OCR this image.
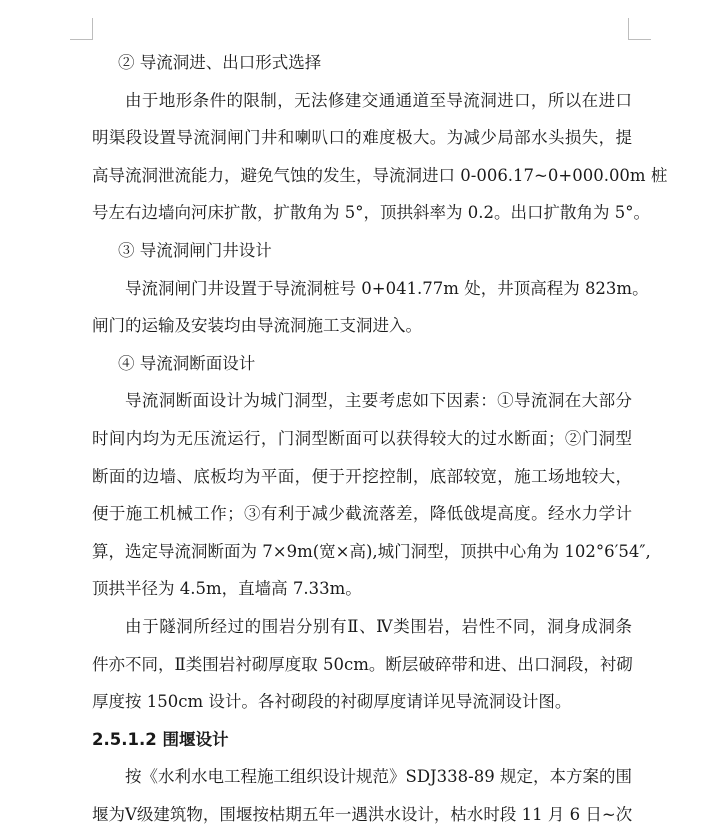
② 导流洞进、出口形式选择
由于地形条件的限制，无法修建交通通道至导流洞进口，所以在进口
明渠段设置导流洞闸门井和喇叭口的难度极大。为减少局部水头损失，提
高导流洞泄流能力，避免气蚀的发生，导流洞进口 0-006.17~0+000.00m 桩
号左右边墙向河床扩散，扩散角为 5°，顶拱斜率为 0.2。出口扩散角为 5°。
③ 导流洞闸门井设计
导流洞闸门井设置于导流洞桩号 0+041.77m 处，井顶高程为 823m。
闸门的运输及安装均由导流洞施工支洞进入。
④ 导流洞断面设计
导流洞断面设计为城门洞型，主要考虑如下因素：①导流洞在大部分
时间内均为无压流运行，门洞型断面可以获得较大的过水断面；②门洞型
断面的边墙、底板均为平面，便于开挖控制，底部较宽，施工场地较大，
便于施工机械工作；③有利于减少截流落差，降低戗堤高度。经水力学计
算，选定导流洞断面为 7×9m(宽×高),城门洞型，顶拱中心角为 102°6′54″,
顶拱半径为 4.5m，直墙高 7.33m。
由于隧洞所经过的围岩分别有Ⅱ、Ⅳ类围岩，岩性不同，洞身成洞条
件亦不同，Ⅱ类围岩衬砌厚度取 50cm。断层破碎带和进、出口洞段，衬砌
厚度按 150cm 设计。各衬砌段的衬砌厚度请详见导流洞设计图。
2.5.1.2 围堰设计
按《水利水电工程施工组织设计规范》SDJ338-89 规定，本方案的围
堰为Ⅴ级建筑物，围堰按枯期五年一遇洪水设计，枯水时段 11 月 6 日~次
